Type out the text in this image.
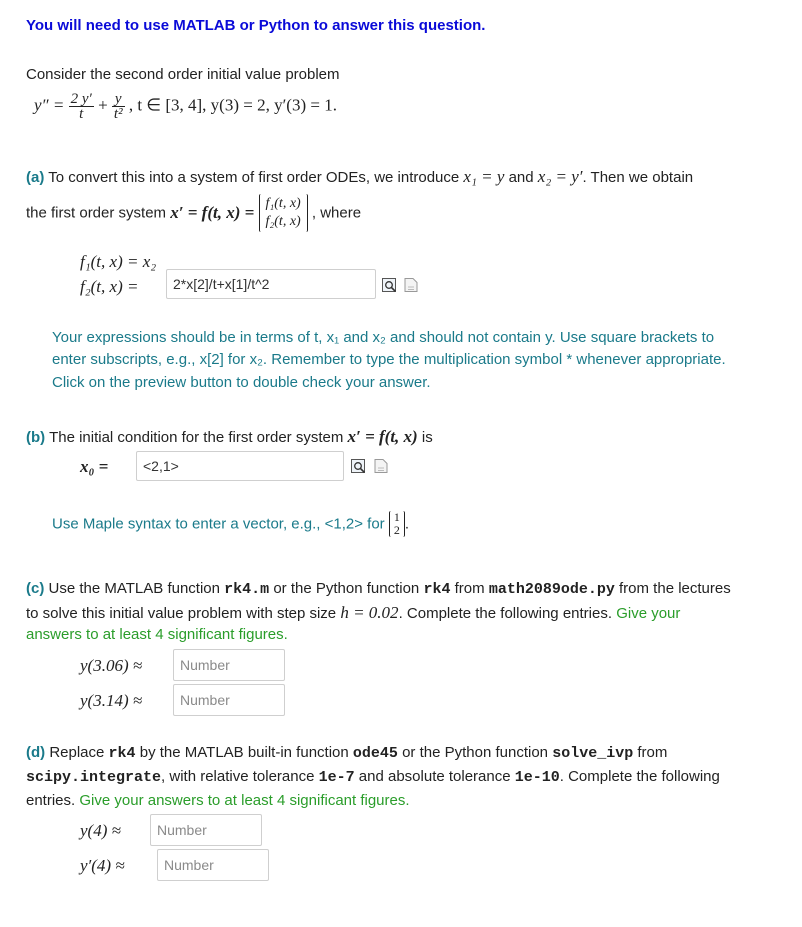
You will need to use MATLAB or Python to answer this question.
Consider the second order initial value problem
$y'' = \frac{2 y'}{t} + \frac{y}{\text{t²}}$ , t ∈ [3, 4], y(3) = 2, y′(3) = 1.
(a) To convert this into a system of first order ODEs, we introduce x₁ = y and x₂ = y′. Then we obtain
the first order system x′ = f(t, x) = f₁(t, x)
f₂(t, x) , where
f₁(t, x) = x₂
f₂(t, x) =
2*x[2]/t+x[1]/t^2
Your expressions should be in terms of t, x₁ and x₂ and should not contain y. Use square brackets to
enter subscripts, e.g., x[2] for x₂. Remember to type the multiplication symbol * whenever appropriate.
Click on the preview button to double check your answer.
(b) The initial condition for the first order system x′ = f(t, x) is
x₀ =
<2,1>
Use Maple syntax to enter a vector, e.g., <1,2> for 1
2 .
(c) Use the MATLAB function rk4.m or the Python function rk4 from math2089ode.py from the lectures
to solve this initial value problem with step size h = 0.02. Complete the following entries. Give your
answers to at least 4 significant figures.
y(3.06) ≈
Number
y(3.14) ≈
Number
(d) Replace rk4 by the MATLAB built-in function ode45 or the Python function solve_ivp from
scipy.integrate, with relative tolerance 1e-7 and absolute tolerance 1e-10. Complete the following
entries. Give your answers to at least 4 significant figures.
y(4) ≈
Number
y′(4) ≈
Number
